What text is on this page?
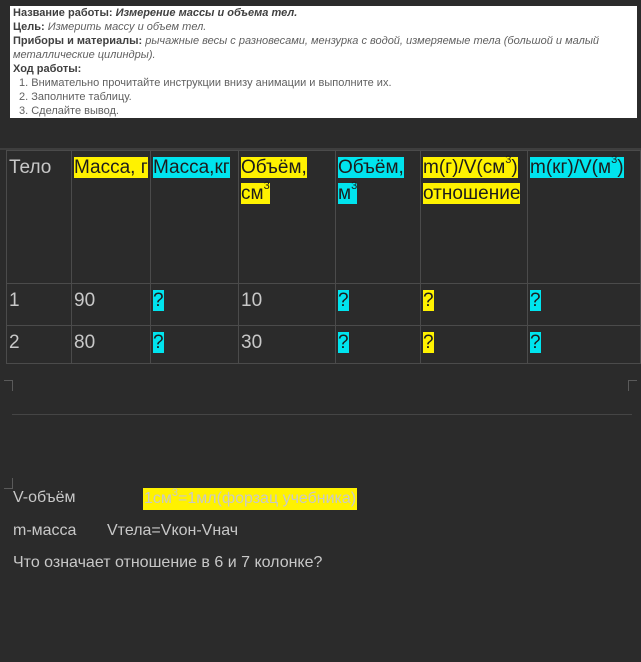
Название работы: Измерение массы и объема тел.
Цель: Измерить массу и объем тел.
Приборы и материалы: рычажные весы с разновесами, мензурка с водой, измеряемые тела (большой и малый металлические цилиндры).
Ход работы:
1. Внимательно прочитайте инструкции внизу анимации и выполните их.
2. Заполните таблицу.
3. Сделайте вывод.
Тело	Масса, г	Масса,кг	Объём, $см^3$	Объём, $м^3$	$m(г)/V(см^3)$ отношение	$m(кг)/V(м^3)$
1	90	?	10	?	?	?
2	80	?	30	?	?	?
V-объём	$1см^3=1мл(форзац$ учебника)
m-масса Vтела=Vкон-Vнач
Что означает отношение в 6 и 7 колонке?
